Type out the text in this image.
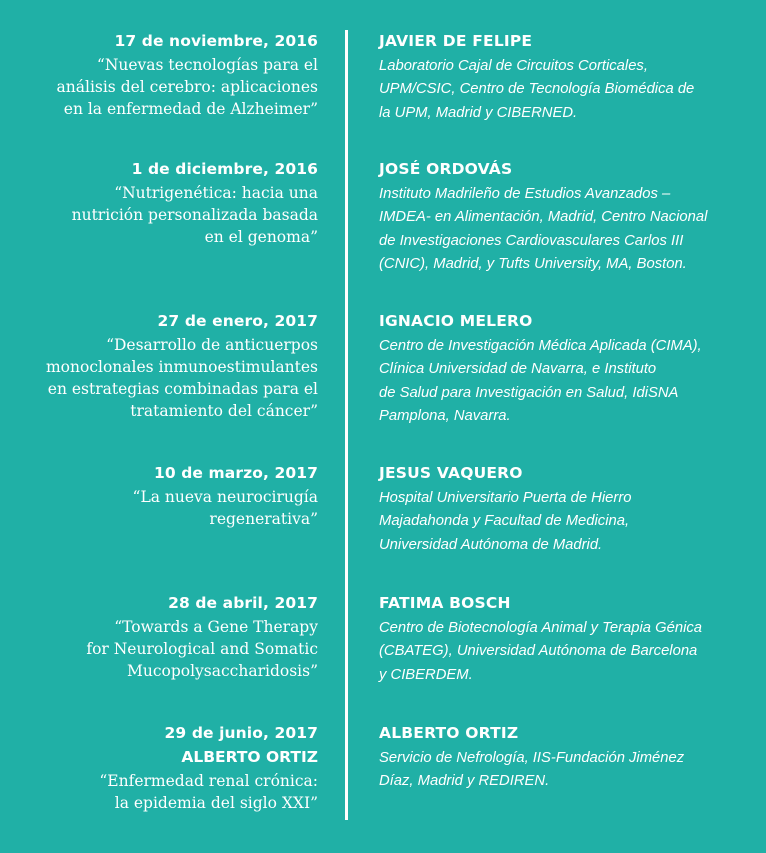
17 de noviembre, 2016
“Nuevas tecnologías para el
análisis del cerebro: aplicaciones
en la enfermedad de Alzheimer”
JAVIER DE FELIPE
Laboratorio Cajal de Circuitos Corticales,
UPM/CSIC, Centro de Tecnología Biomédica de
la UPM, Madrid y CIBERNED.
1 de diciembre, 2016
“Nutrigenética: hacia una
nutrición personalizada basada
en el genoma”
JOSÉ ORDOVÁS
Instituto Madrileño de Estudios Avanzados –
IMDEA- en Alimentación, Madrid, Centro Nacional
de Investigaciones Cardiovasculares Carlos III
(CNIC), Madrid, y Tufts University, MA, Boston.
27 de enero, 2017
“Desarrollo de anticuerpos
monoclonales inmunoestimulantes
en estrategias combinadas para el
tratamiento del cáncer”
IGNACIO MELERO
Centro de Investigación Médica Aplicada (CIMA),
Clínica Universidad de Navarra, e Instituto
de Salud para Investigación en Salud, IdiSNA
Pamplona, Navarra.
10 de marzo, 2017
“La nueva neurocirugía
regenerativa”
JESUS VAQUERO
Hospital Universitario Puerta de Hierro
Majadahonda y Facultad de Medicina,
Universidad Autónoma de Madrid.
28 de abril, 2017
“Towards a Gene Therapy
for Neurological and Somatic
Mucopolysaccharidosis”
FATIMA BOSCH
Centro de Biotecnología Animal y Terapia Génica
(CBATEG), Universidad Autónoma de Barcelona
y CIBERDEM.
29 de junio, 2017
ALBERTO ORTIZ
“Enfermedad renal crónica:
la epidemia del siglo XXI”
ALBERTO ORTIZ
Servicio de Nefrología, IIS-Fundación Jiménez
Díaz, Madrid y REDIREN.
